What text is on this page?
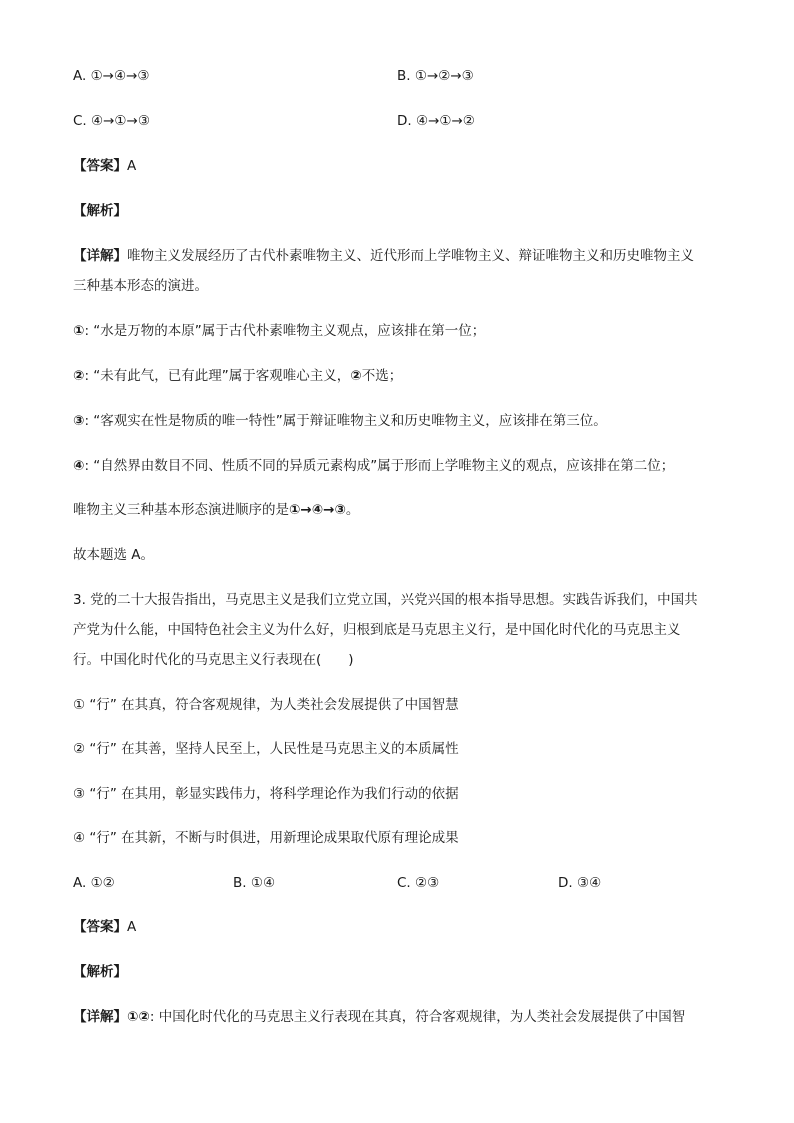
A. ①→④→③	B. ①→②→③
C. ④→①→③	D. ④→①→②
【答案】A
【解析】
【详解】唯物主义发展经历了古代朴素唯物主义、近代形而上学唯物主义、辩证唯物主义和历史唯物主义
三种基本形态的演进。
①: “水是万物的本原”属于古代朴素唯物主义观点，应该排在第一位；
②: “未有此气，已有此理”属于客观唯心主义，②不选；
③: “客观实在性是物质的唯一特性”属于辩证唯物主义和历史唯物主义，应该排在第三位。
④: “自然界由数目不同、性质不同的异质元素构成”属于形而上学唯物主义的观点，应该排在第二位；
唯物主义三种基本形态演进顺序的是①→④→③。
故本题选 A。
3. 党的二十大报告指出，马克思主义是我们立党立国，兴党兴国的根本指导思想。实践告诉我们，中国共
产党为什么能，中国特色社会主义为什么好，归根到底是马克思主义行，是中国化时代化的马克思主义
行。中国化时代化的马克思主义行表现在(　　)
① “行” 在其真，符合客观规律，为人类社会发展提供了中国智慧
② “行” 在其善，坚持人民至上，人民性是马克思主义的本质属性
③ “行” 在其用，彰显实践伟力，将科学理论作为我们行动的依据
④ “行” 在其新，不断与时俱进，用新理论成果取代原有理论成果
A. ①②	B. ①④	C. ②③	D. ③④
【答案】A
【解析】
【详解】①②: 中国化时代化的马克思主义行表现在其真，符合客观规律，为人类社会发展提供了中国智
